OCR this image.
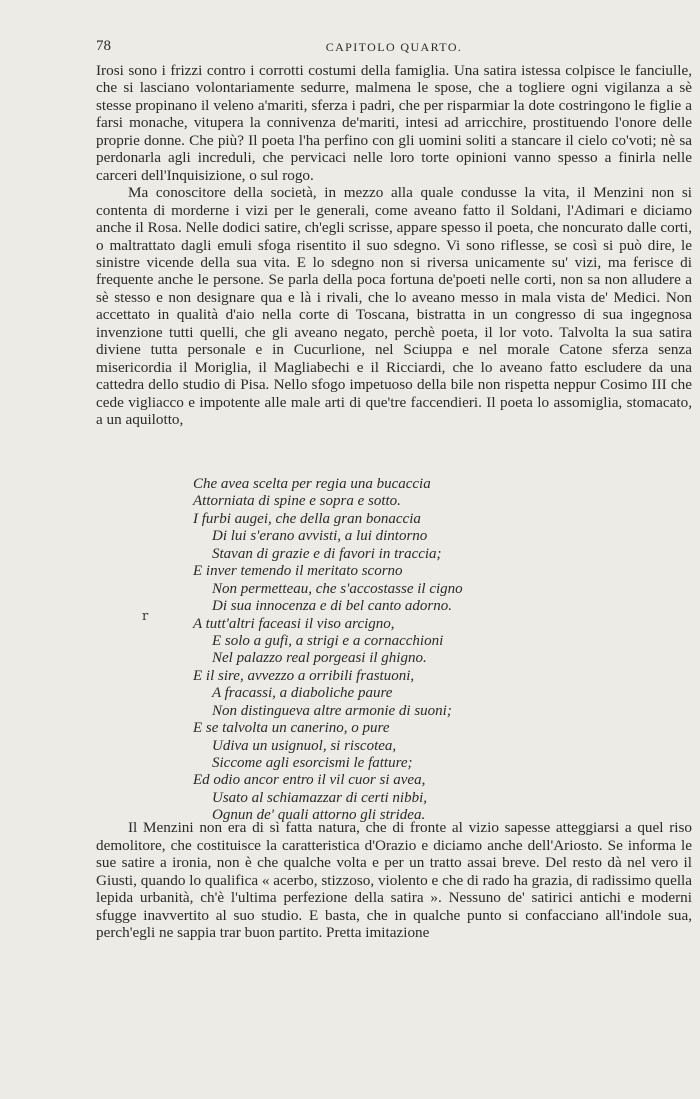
78	CAPITOLO QUARTO.

Irosi sono i frizzi contro i corrotti costumi della famiglia. Una satira istessa colpisce le fanciulle, che si lasciano volontariamente sedurre, malmena le spose, che a togliere ogni vigilanza a sè stesse propinano il veleno a'mariti, sferza i padri, che per risparmiar la dote costringono le figlie a farsi monache, vitupera la connivenza de'mariti, intesi ad arricchire, prostituendo l'onore delle proprie donne. Che più? Il poeta l'ha perfino con gli uomini soliti a stancare il cielo co'voti; nè sa perdonarla agli increduli, che pervicaci nelle loro torte opinioni vanno spesso a finirla nelle carceri dell'Inquisizione, o sul rogo.

Ma conoscitore della società, in mezzo alla quale condusse la vita, il Menzini non si contenta di morderne i vizi per le generali, come aveano fatto il Soldani, l'Adimari e diciamo anche il Rosa. Nelle dodici satire, ch'egli scrisse, appare spesso il poeta, che noncurato dalle corti, o maltrattato dagli emuli sfoga risentito il suo sdegno. Vi sono riflesse, se così si può dire, le sinistre vicende della sua vita. E lo sdegno non si riversa unicamente su' vizi, ma ferisce di frequente anche le persone. Se parla della poca fortuna de'poeti nelle corti, non sa non alludere a sè stesso e non designare qua e là i rivali, che lo aveano messo in mala vista de' Medici. Non accettato in qualità d'aio nella corte di Toscana, bistratta in un congresso di sua ingegnosa invenzione tutti quelli, che gli aveano negato, perchè poeta, il lor voto. Talvolta la sua satira diviene tutta personale e in Cucurlione, nel Sciuppa e nel morale Catone sferza senza misericordia il Moriglia, il Magliabechi e il Ricciardi, che lo aveano fatto escludere da una cattedra dello studio di Pisa. Nello sfogo impetuoso della bile non rispetta neppur Cosimo III che cede vigliacco e impotente alle male arti di que'tre faccendieri. Il poeta lo assomiglia, stomacato, a un aquilotto,

r
Che avea scelta per regia una bucaccia
Attorniata di spine e sopra e sotto.
I furbi augei, che della gran bonaccia
Di lui s'erano avvisti, a lui dintorno
Stavan di grazie e di favori in traccia;
E inver temendo il meritato scorno
Non permetteau, che s'accostasse il cigno
Di sua innocenza e di bel canto adorno.
A tutt'altri faceasi il viso arcigno,
E solo a gufi, a strigi e a cornacchioni
Nel palazzo real porgeasi il ghigno.
E il sire, avvezzo a orribili frastuoni,
A fracassi, a diaboliche paure
Non distingueva altre armonie di suoni;
E se talvolta un canerino, o pure
Udiva un usignuol, si riscotea,
Siccome agli esorcismi le fatture;
Ed odio ancor entro il vil cuor si avea,
Usato al schiamazzar di certi nibbi,
Ognun de' quali attorno gli stridea.

Il Menzini non era di sì fatta natura, che di fronte al vizio sapesse atteggiarsi a quel riso demolitore, che costituisce la caratteristica d'Orazio e diciamo anche dell'Ariosto. Se informa le sue satire a ironia, non è che qualche volta e per un tratto assai breve. Del resto dà nel vero il Giusti, quando lo qualifica « acerbo, stizzoso, violento e che di rado ha grazia, di radissimo quella lepida urbanità, ch'è l'ultima perfezione della satira ». Nessuno de' satirici antichi e moderni sfugge inavvertito al suo studio. E basta, che in qualche punto si confacciano all'indole sua, perch'egli ne sappia trar buon partito. Pretta imitazione
